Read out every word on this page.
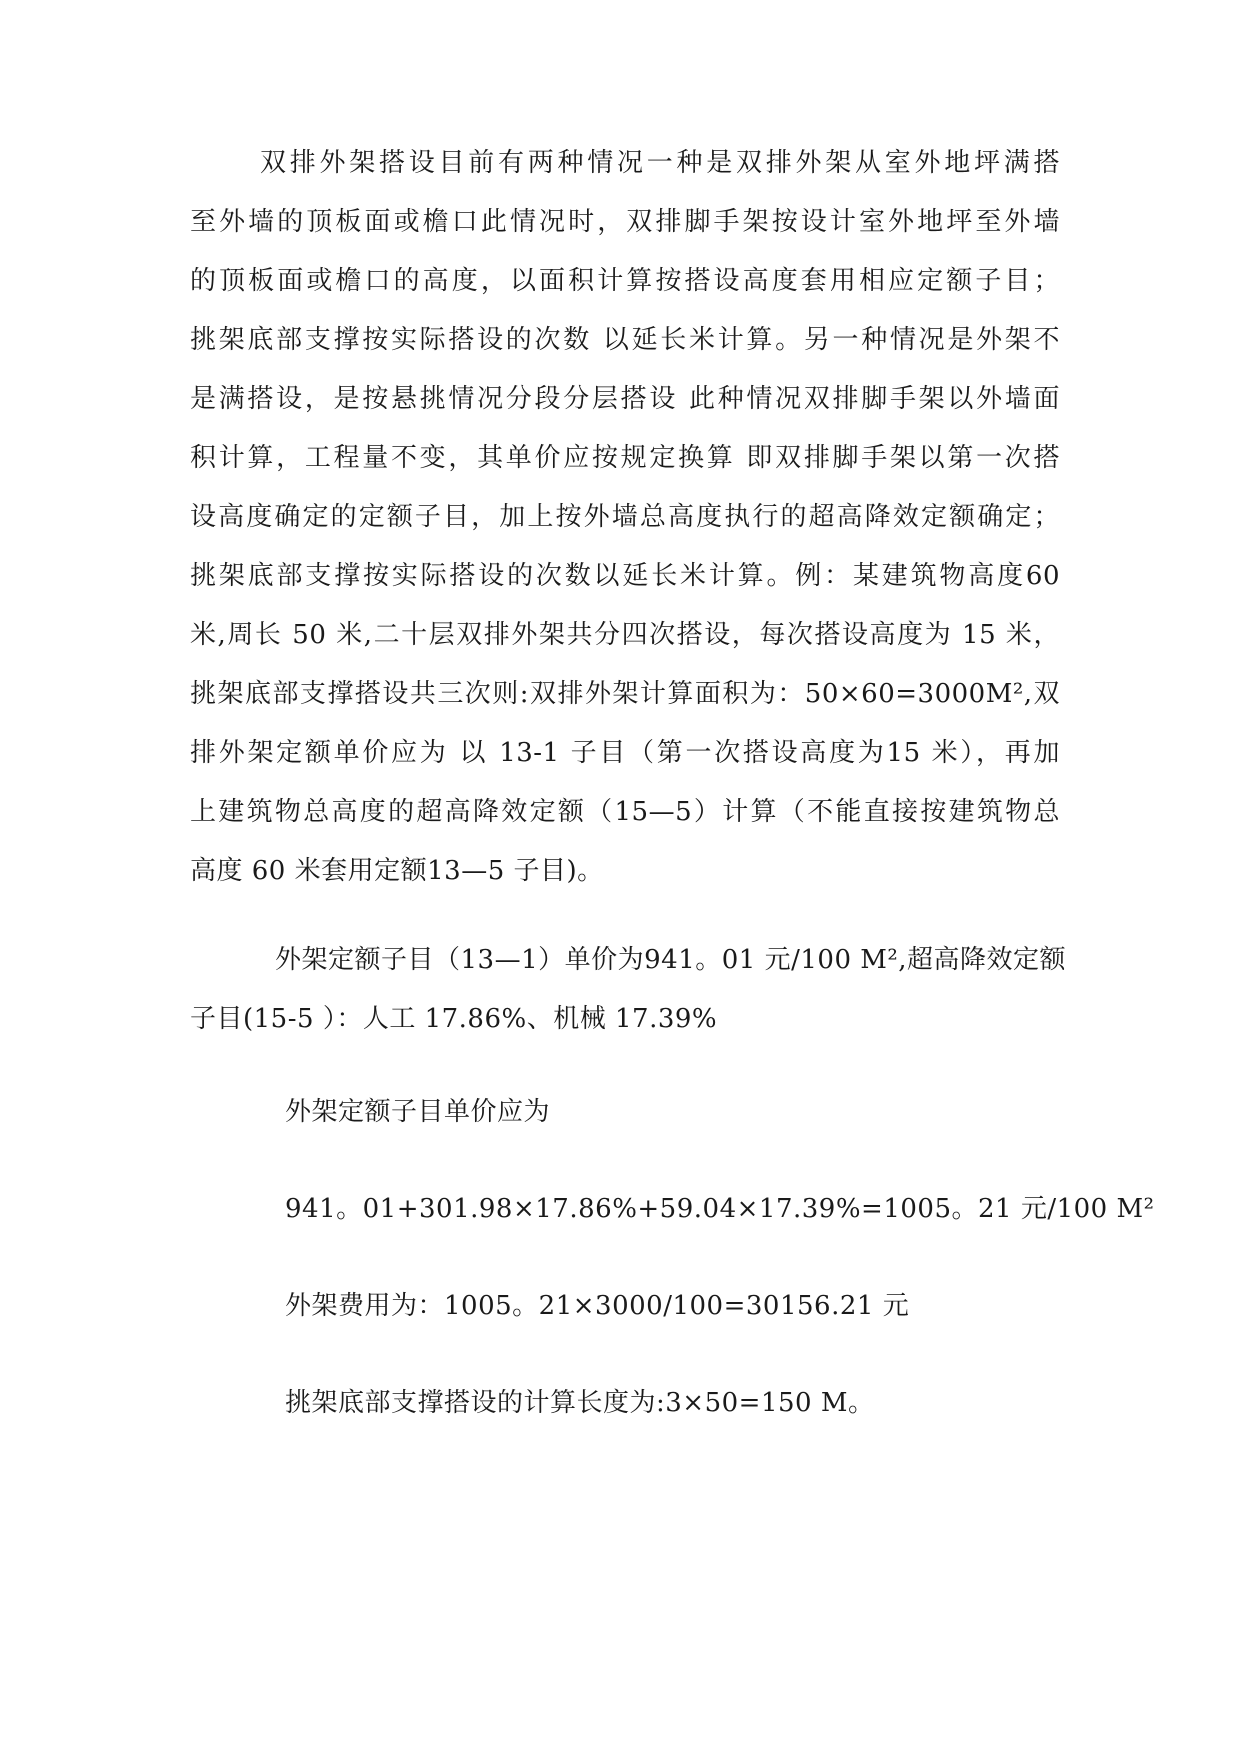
双排外架搭设目前有两种情况一种是双排外架从室外地坪满搭
至外墙的顶板面或檐口此情况时，双排脚手架按设计室外地坪至外墙
的顶板面或檐口的高度，以面积计算按搭设高度套用相应定额子目；
挑架底部支撑按实际搭设的次数 以延长米计算。另一种情况是外架不
是满搭设，是按悬挑情况分段分层搭设 此种情况双排脚手架以外墙面
积计算，工程量不变，其单价应按规定换算 即双排脚手架以第一次搭
设高度确定的定额子目，加上按外墙总高度执行的超高降效定额确定；
挑架底部支撑按实际搭设的次数以延长米计算。例：某建筑物高度60
米,周长 50 米,二十层双排外架共分四次搭设，每次搭设高度为 15 米，
挑架底部支撑搭设共三次则:双排外架计算面积为：50×60=3000M²,双
排外架定额单价应为 以 13-1 子目（第一次搭设高度为15 米），再加
上建筑物总高度的超高降效定额（15—5）计算（不能直接按建筑物总
高度 60 米套用定额13—5 子目)。
外架定额子目（13—1）单价为941。01 元/100 M²,超高降效定额
子目(15-5 ）：人工 17.86%、机械 17.39%
外架定额子目单价应为
941。01+301.98×17.86%+59.04×17.39%=1005。21 元/100 M²
外架费用为：1005。21×3000/100=30156.21 元
挑架底部支撑搭设的计算长度为:3×50=150 M。
